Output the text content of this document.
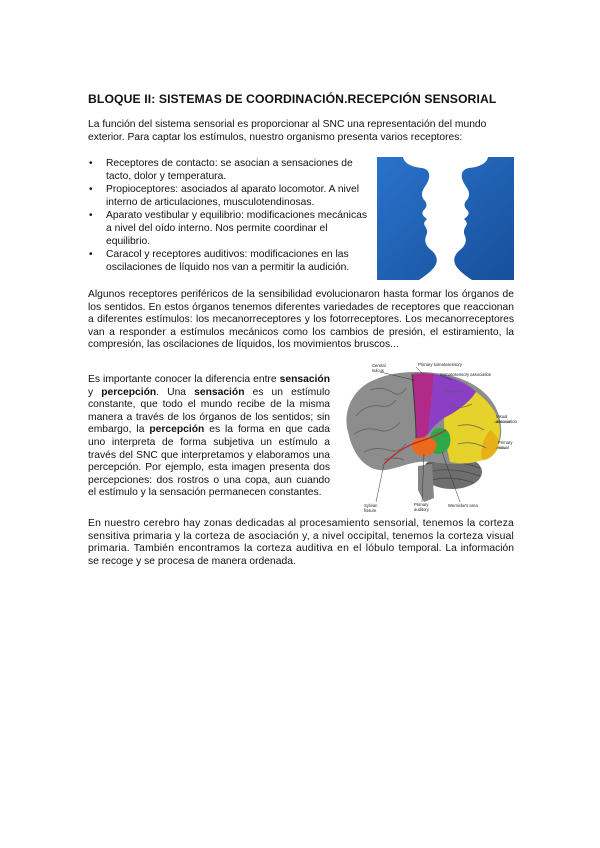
BLOQUE II: SISTEMAS DE COORDINACIÓN.RECEPCIÓN SENSORIAL
La función del sistema sensorial es proporcionar al SNC una representación del mundo exterior. Para captar los estímulos, nuestro organismo presenta varios receptores:
• Receptores de contacto: se asocian a sensaciones de tacto, dolor y temperatura.
• Propioceptores: asociados al aparato locomotor. A nivel interno de articulaciones, musculotendinosas.
• Aparato vestibular y equilibrio: modificaciones mecánicas a nivel del oído interno. Nos permite coordinar el equilibrio.
• Caracol y receptores auditivos: modificaciones en las oscilaciones de líquido nos van a permitir la audición.
Algunos receptores periféricos de la sensibilidad evolucionaron hasta formar los órganos de los sentidos. En estos órganos tenemos diferentes variedades de receptores que reaccionan a diferentes estímulos: los mecanorreceptores y los fotorreceptores. Los mecanorreceptores van a responder a estímulos mecánicos como los cambios de presión, el estiramiento, la compresión, las oscilaciones de líquidos, los movimientos bruscos...
Es importante conocer la diferencia entre sensación y percepción. Una sensación es un estímulo constante, que todo el mundo recibe de la misma manera a través de los órganos de los sentidos; sin embargo, la percepción es la forma en que cada uno interpreta de forma subjetiva un estímulo a través del SNC que interpretamos y elaboramos una percepción. Por ejemplo, esta imagen presenta dos percepciones: dos rostros o una copa, aun cuando el estímulo y la sensación permanecen constantes.
Central sulcus
Primary somatosensory
Somatosensory association
Visual association
Primary visual
Sylvian fissure
Primary auditory
Wernicke's area
En nuestro cerebro hay zonas dedicadas al procesamiento sensorial, tenemos la corteza sensitiva primaria y la corteza de asociación y, a nivel occipital, tenemos la corteza visual primaria. También encontramos la corteza auditiva en el lóbulo temporal. La información se recoge y se procesa de manera ordenada.
